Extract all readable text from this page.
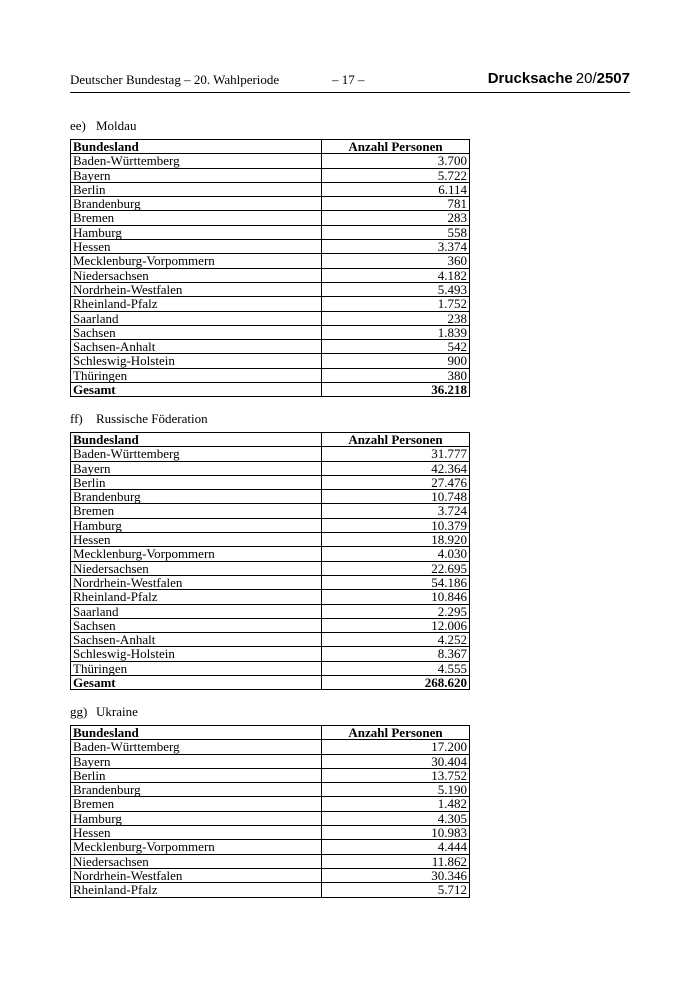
Deutscher Bundestag – 20. Wahlperiode	– 17 –	Drucksache  20/2507
ee) Moldau
Bundesland	Anzahl Personen
Baden-Württemberg	3.700
Bayern	5.722
Berlin	6.114
Brandenburg	781
Bremen	283
Hamburg	558
Hessen	3.374
Mecklenburg-Vorpommern	360
Niedersachsen	4.182
Nordrhein-Westfalen	5.493
Rheinland-Pfalz	1.752
Saarland	238
Sachsen	1.839
Sachsen-Anhalt	542
Schleswig-Holstein	900
Thüringen	380
Gesamt	36.218
ff) Russische Föderation
Bundesland	Anzahl Personen
Baden-Württemberg	31.777
Bayern	42.364
Berlin	27.476
Brandenburg	10.748
Bremen	3.724
Hamburg	10.379
Hessen	18.920
Mecklenburg-Vorpommern	4.030
Niedersachsen	22.695
Nordrhein-Westfalen	54.186
Rheinland-Pfalz	10.846
Saarland	2.295
Sachsen	12.006
Sachsen-Anhalt	4.252
Schleswig-Holstein	8.367
Thüringen	4.555
Gesamt	268.620
gg) Ukraine
Bundesland	Anzahl Personen
Baden-Württemberg	17.200
Bayern	30.404
Berlin	13.752
Brandenburg	5.190
Bremen	1.482
Hamburg	4.305
Hessen	10.983
Mecklenburg-Vorpommern	4.444
Niedersachsen	11.862
Nordrhein-Westfalen	30.346
Rheinland-Pfalz	5.712
